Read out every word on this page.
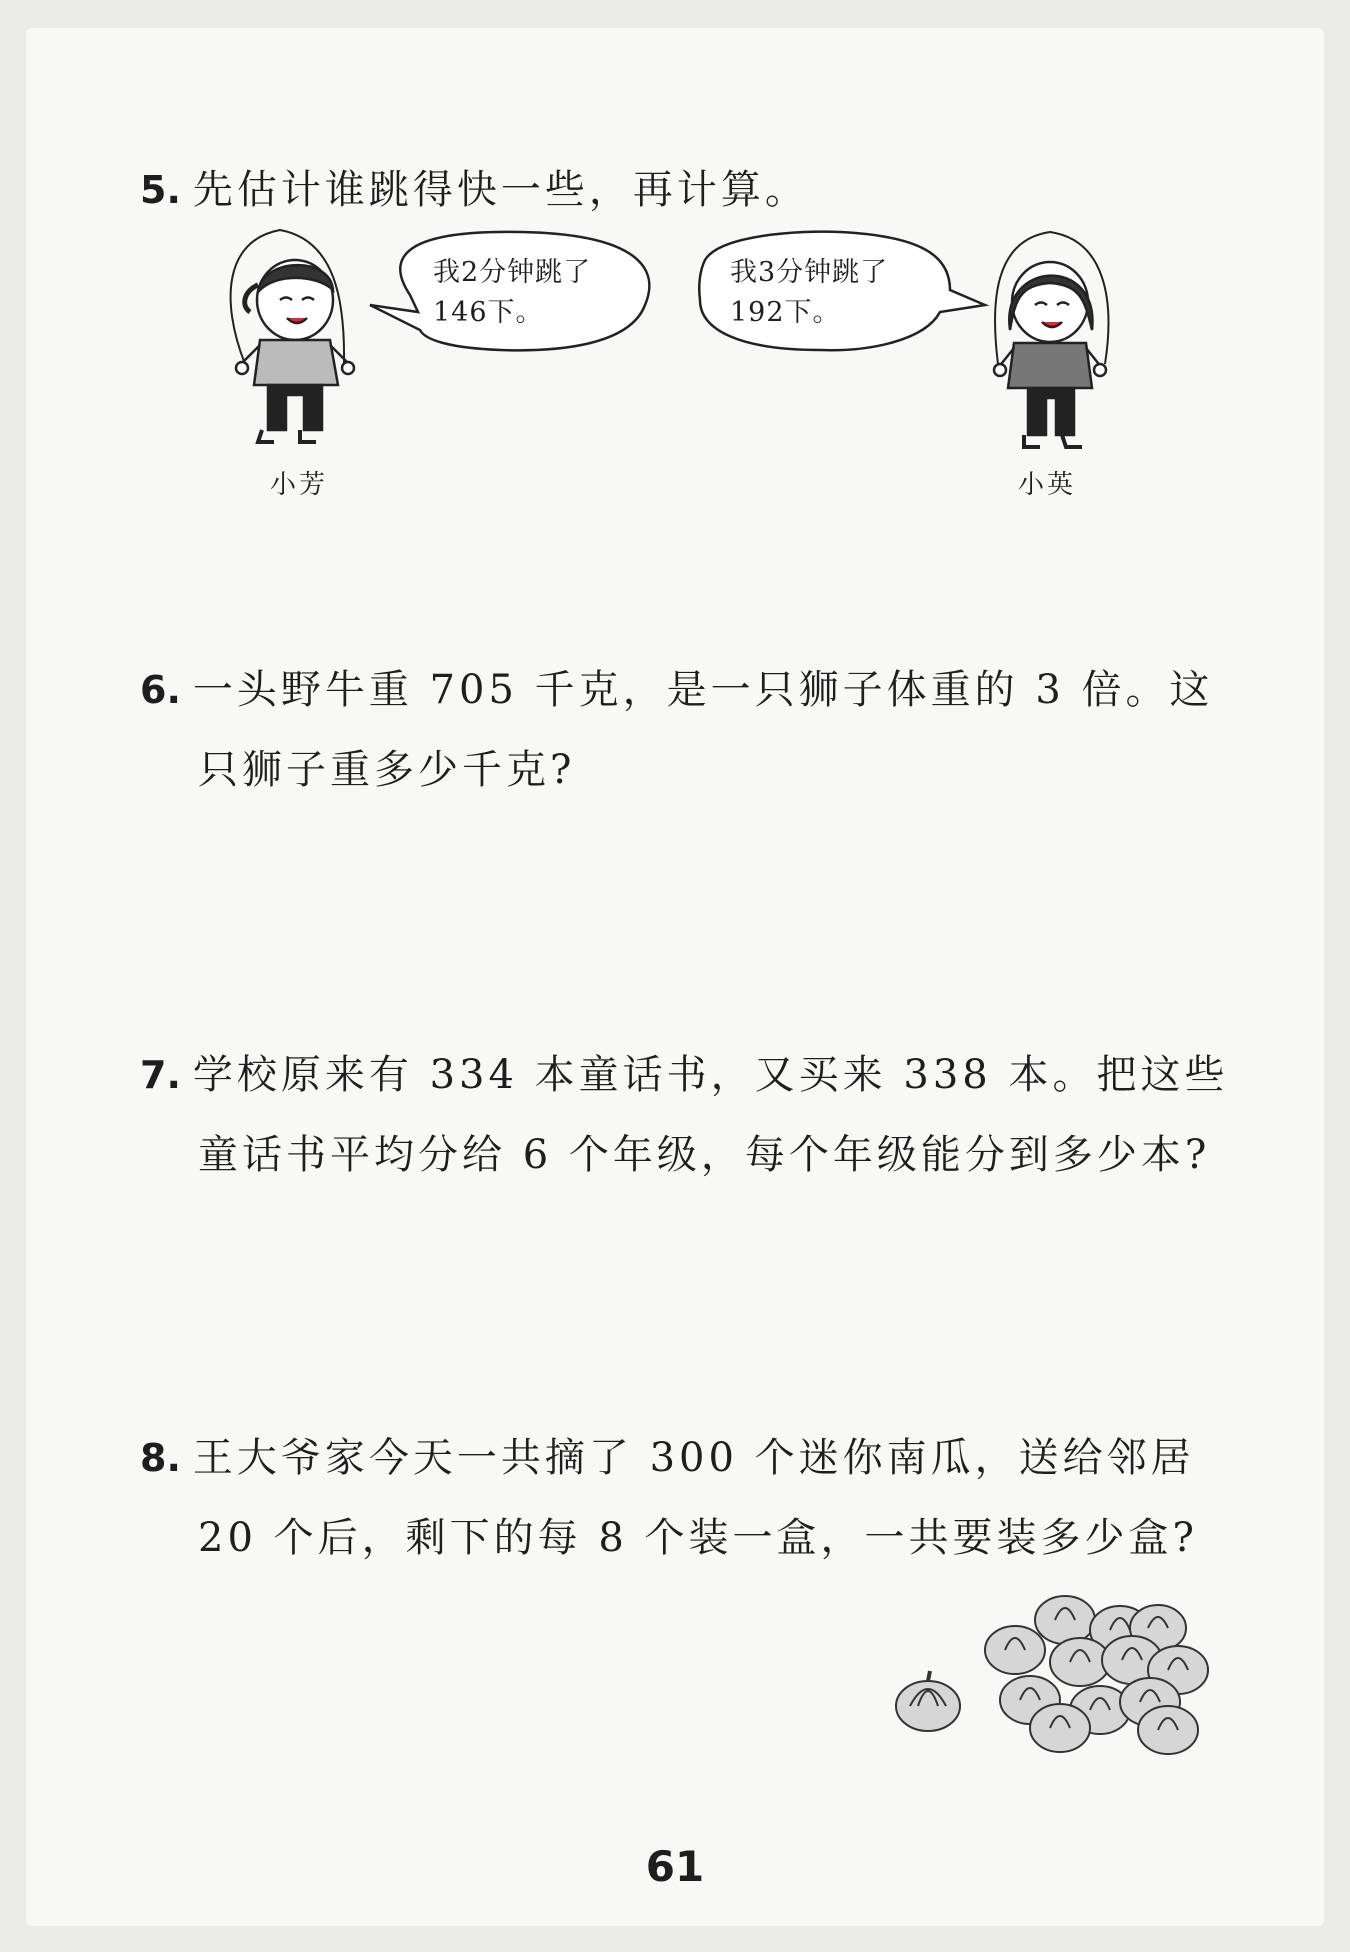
5. 先估计谁跳得快一些，再计算。
我2分钟跳了
146下。
我3分钟跳了
192下。
小芳	小英
6. 一头野牛重 705 千克，是一只狮子体重的 3 倍。这
只狮子重多少千克?
7. 学校原来有 334 本童话书，又买来 338 本。把这些
童话书平均分给 6 个年级，每个年级能分到多少本?
8. 王大爷家今天一共摘了 300 个迷你南瓜，送给邻居
20 个后，剩下的每 8 个装一盒，一共要装多少盒?
61
